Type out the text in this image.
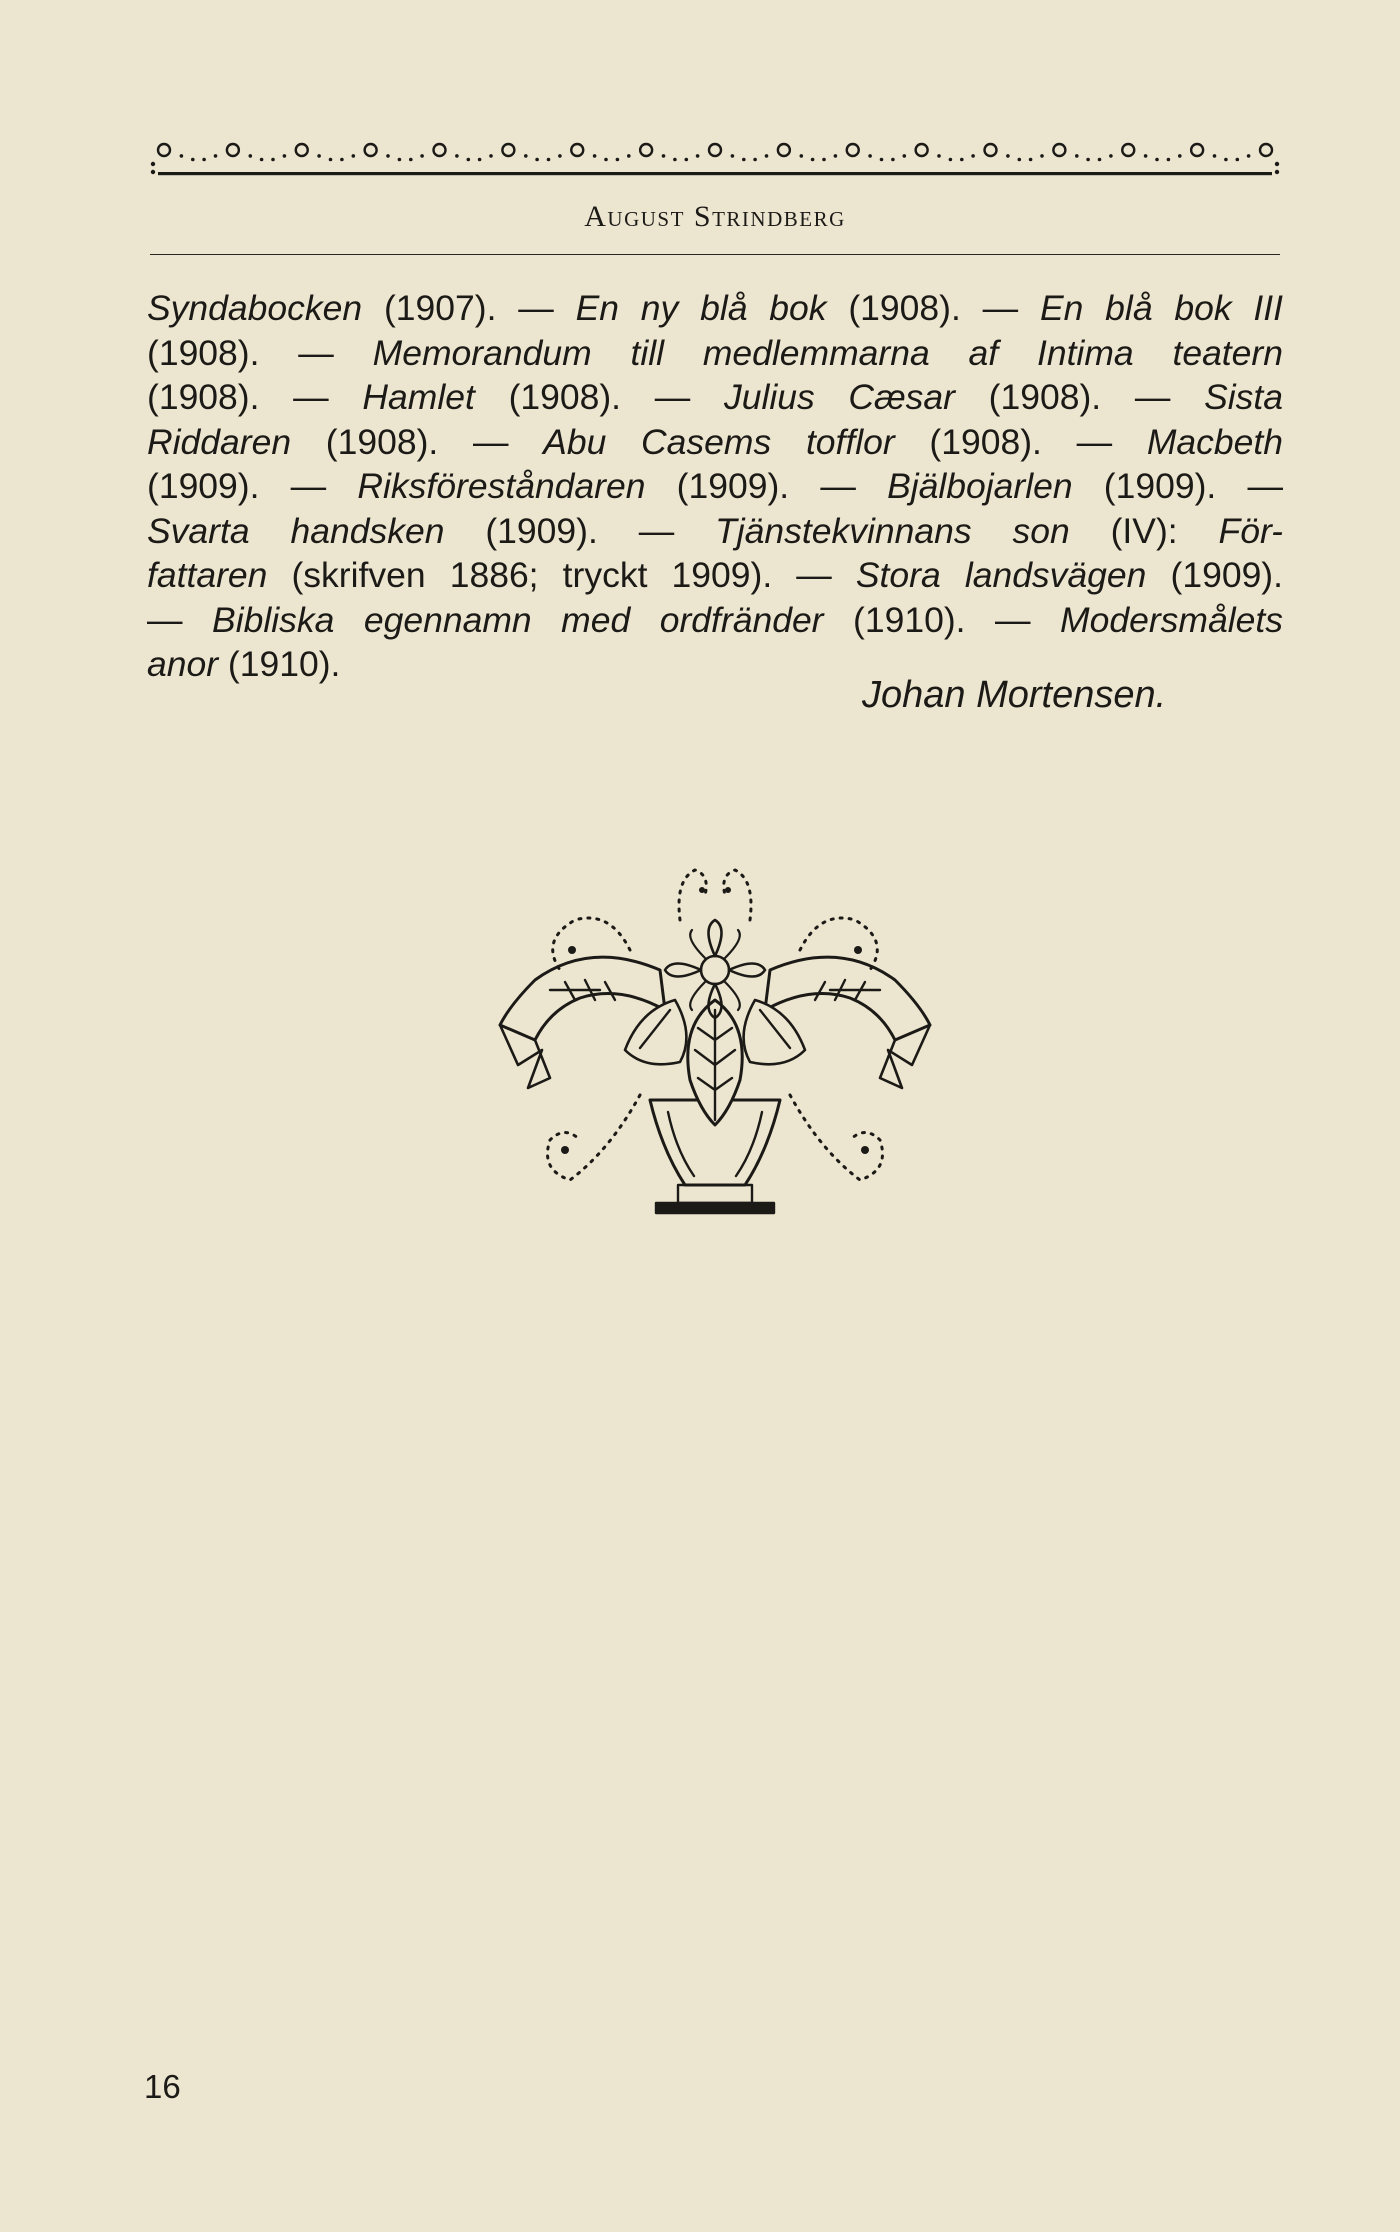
August Strindberg
Syndabocken (1907). — En ny blå bok (1908). — En blå bok III
(1908). — Memorandum till medlemmarna af Intima teatern
(1908). — Hamlet (1908). — Julius Cæsar (1908). — Sista
Riddaren (1908). — Abu Casems tofflor (1908). — Macbeth
(1909). — Riksföreståndaren (1909). — Bjälbojarlen (1909). —
Svarta handsken (1909). — Tjänstekvinnans son (IV): För-
fattaren (skrifven 1886; tryckt 1909). — Stora landsvägen (1909).
— Bibliska egennamn med ordfränder (1910). — Modersmålets
anor (1910).
Johan Mortensen.
16
